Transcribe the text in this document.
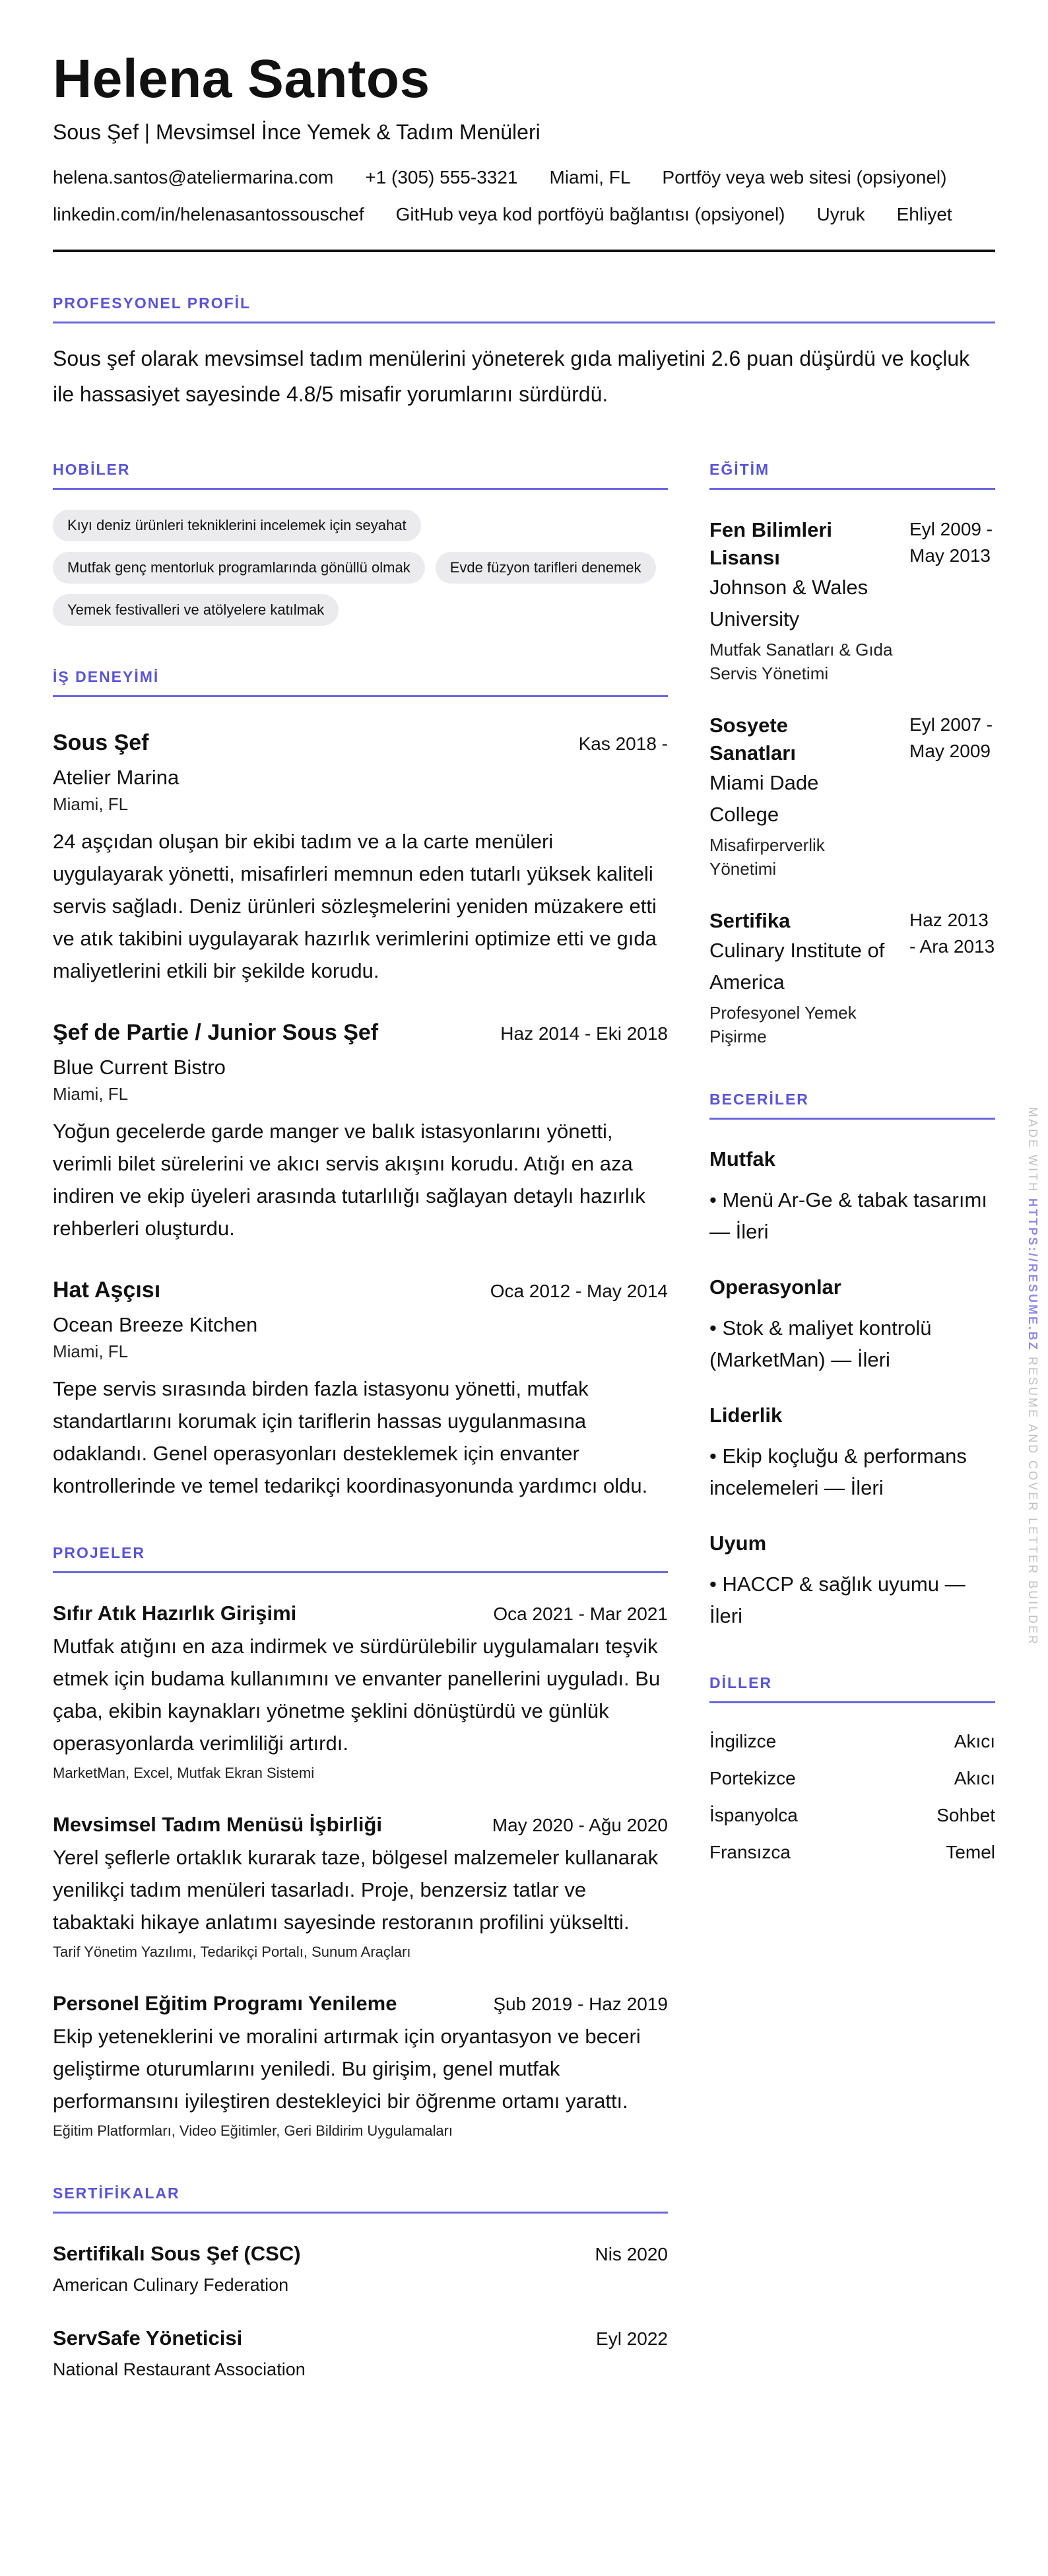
Helena Santos
Sous Şef | Mevsimsel İnce Yemek & Tadım Menüleri
helena.santos@ateliermarina.com +1 (305) 555-3321 Miami, FL Portföy veya web sitesi (opsiyonel)
linkedin.com/in/helenasantossouschef GitHub veya kod portföyü bağlantısı (opsiyonel) Uyruk Ehliyet
PROFESYONEL PROFİL
Sous şef olarak mevsimsel tadım menülerini yöneterek gıda maliyetini 2.6 puan düşürdü ve koçluk ile hassasiyet sayesinde 4.8/5 misafir yorumlarını sürdürdü.
HOBİLER
Kıyı deniz ürünleri tekniklerini incelemek için seyahat
Mutfak genç mentorluk programlarında gönüllü olmak	Evde füzyon tarifleri denemek
Yemek festivalleri ve atölyelere katılmak
İŞ DENEYİMİ
Sous Şef	Kas 2018 -
Atelier Marina
Miami, FL
24 aşçıdan oluşan bir ekibi tadım ve a la carte menüleri uygulayarak yönetti, misafirleri memnun eden tutarlı yüksek kaliteli servis sağladı. Deniz ürünleri sözleşmelerini yeniden müzakere etti ve atık takibini uygulayarak hazırlık verimlerini optimize etti ve gıda maliyetlerini etkili bir şekilde korudu.
Şef de Partie / Junior Sous Şef	Haz 2014 - Eki 2018
Blue Current Bistro
Miami, FL
Yoğun gecelerde garde manger ve balık istasyonlarını yönetti, verimli bilet sürelerini ve akıcı servis akışını korudu. Atığı en aza indiren ve ekip üyeleri arasında tutarlılığı sağlayan detaylı hazırlık rehberleri oluşturdu.
Hat Aşçısı	Oca 2012 - May 2014
Ocean Breeze Kitchen
Miami, FL
Tepe servis sırasında birden fazla istasyonu yönetti, mutfak standartlarını korumak için tariflerin hassas uygulanmasına odaklandı. Genel operasyonları desteklemek için envanter kontrollerinde ve temel tedarikçi koordinasyonunda yardımcı oldu.
PROJELER
Sıfır Atık Hazırlık Girişimi	Oca 2021 - Mar 2021
Mutfak atığını en aza indirmek ve sürdürülebilir uygulamaları teşvik etmek için budama kullanımını ve envanter panellerini uyguladı. Bu çaba, ekibin kaynakları yönetme şeklini dönüştürdü ve günlük operasyonlarda verimliliği artırdı.
MarketMan, Excel, Mutfak Ekran Sistemi
Mevsimsel Tadım Menüsü İşbirliği	May 2020 - Ağu 2020
Yerel şeflerle ortaklık kurarak taze, bölgesel malzemeler kullanarak yenilikçi tadım menüleri tasarladı. Proje, benzersiz tatlar ve tabaktaki hikaye anlatımı sayesinde restoranın profilini yükseltti.
Tarif Yönetim Yazılımı, Tedarikçi Portalı, Sunum Araçları
Personel Eğitim Programı Yenileme	Şub 2019 - Haz 2019
Ekip yeteneklerini ve moralini artırmak için oryantasyon ve beceri geliştirme oturumlarını yeniledi. Bu girişim, genel mutfak performansını iyileştiren destekleyici bir öğrenme ortamı yarattı.
Eğitim Platformları, Video Eğitimler, Geri Bildirim Uygulamaları
SERTİFİKALAR
Sertifikalı Sous Şef (CSC)	Nis 2020
American Culinary Federation
ServSafe Yöneticisi	Eyl 2022
National Restaurant Association
EĞİTİM
Fen Bilimleri Lisansı
Johnson & Wales University
Mutfak Sanatları & Gıda Servis Yönetimi
Eyl 2009 - May 2013
Sosyete Sanatları
Miami Dade College
Misafirperverlik Yönetimi
Eyl 2007 - May 2009
Sertifika
Culinary Institute of America
Profesyonel Yemek Pişirme
Haz 2013 - Ara 2013
BECERİLER
Mutfak
• Menü Ar-Ge & tabak tasarımı — İleri
Operasyonlar
• Stok & maliyet kontrolü (MarketMan) — İleri
Liderlik
• Ekip koçluğu & performans incelemeleri — İleri
Uyum
• HACCP & sağlık uyumu — İleri
DİLLER
İngilizce	Akıcı
Portekizce	Akıcı
İspanyolca	Sohbet
Fransızca	Temel
MADE WITH HTTPS://RESUME.BZ RESUME AND COVER LETTER BUILDER
